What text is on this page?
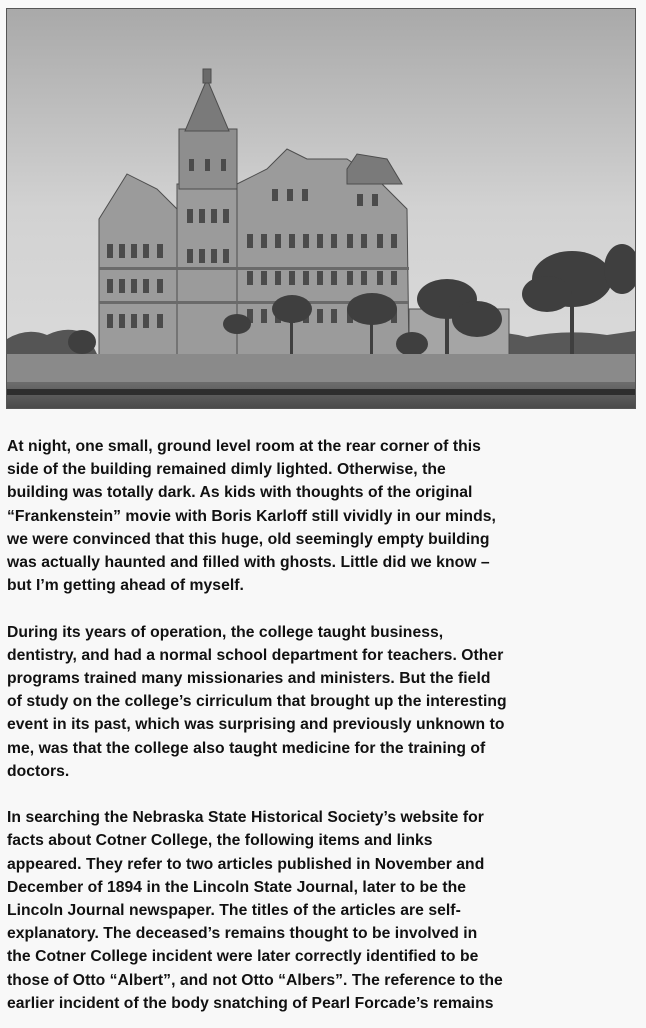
At night, one small, ground level room at the rear corner of this
side of the building remained dimly lighted. Otherwise, the
building was totally dark. As kids with thoughts of the original
“Frankenstein” movie with Boris Karloff still vividly in our minds,
we were convinced that this huge, old seemingly empty building
was actually haunted and filled with ghosts. Little did we know –
but I’m getting ahead of myself.

During its years of operation, the college taught business,
dentistry, and had a normal school department for teachers. Other
programs trained many missionaries and ministers. But the field
of study on the college’s cirriculum that brought up the interesting
event in its past, which was surprising and previously unknown to
me, was that the college also taught medicine for the training of
doctors.

In searching the Nebraska State Historical Society’s website for
facts about Cotner College, the following items and links
appeared. They refer to two articles published in November and
December of 1894 in the Lincoln State Journal, later to be the
Lincoln Journal newspaper. The titles of the articles are self-
explanatory. The deceased’s remains thought to be involved in
the Cotner College incident were later correctly identified to be
those of Otto “Albert”, and not Otto “Albers”. The reference to the
earlier incident of the body snatching of Pearl Forcade’s remains
